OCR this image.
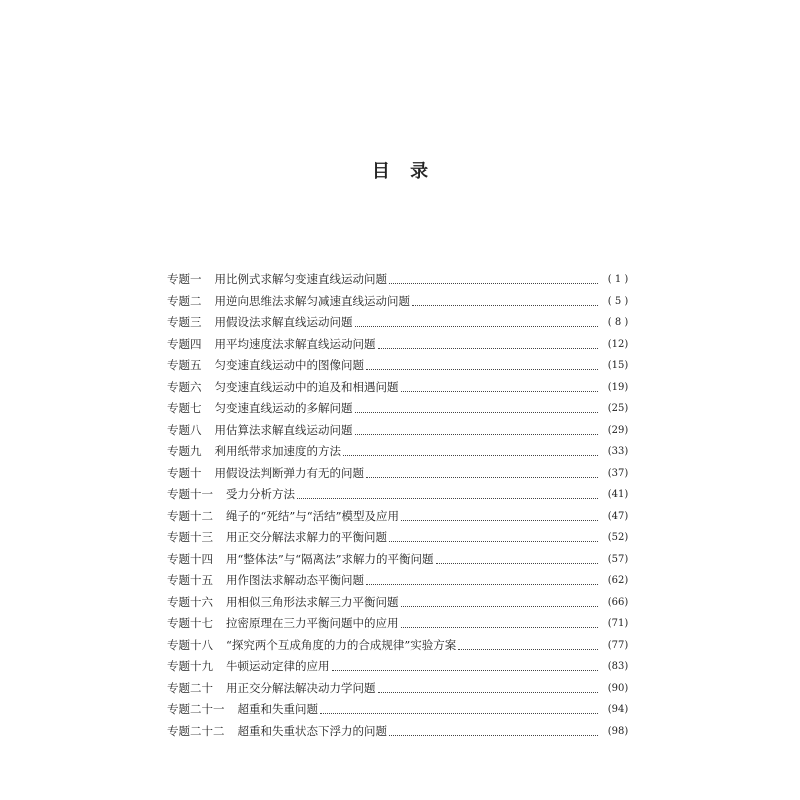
目 录
专题一 用比例式求解匀变速直线运动问题	( 1 )
专题二 用逆向思维法求解匀减速直线运动问题	( 5 )
专题三 用假设法求解直线运动问题	( 8 )
专题四 用平均速度法求解直线运动问题	(12)
专题五 匀变速直线运动中的图像问题	(15)
专题六 匀变速直线运动中的追及和相遇问题	(19)
专题七 匀变速直线运动的多解问题	(25)
专题八 用估算法求解直线运动问题	(29)
专题九 利用纸带求加速度的方法	(33)
专题十 用假设法判断弹力有无的问题	(37)
专题十一 受力分析方法	(41)
专题十二 绳子的“死结”与“活结”模型及应用	(47)
专题十三 用正交分解法求解力的平衡问题	(52)
专题十四 用“整体法”与“隔离法”求解力的平衡问题	(57)
专题十五 用作图法求解动态平衡问题	(62)
专题十六 用相似三角形法求解三力平衡问题	(66)
专题十七 拉密原理在三力平衡问题中的应用	(71)
专题十八 “探究两个互成角度的力的合成规律”实验方案	(77)
专题十九 牛顿运动定律的应用	(83)
专题二十 用正交分解法解决动力学问题	(90)
专题二十一 超重和失重问题	(94)
专题二十二 超重和失重状态下浮力的问题	(98)
